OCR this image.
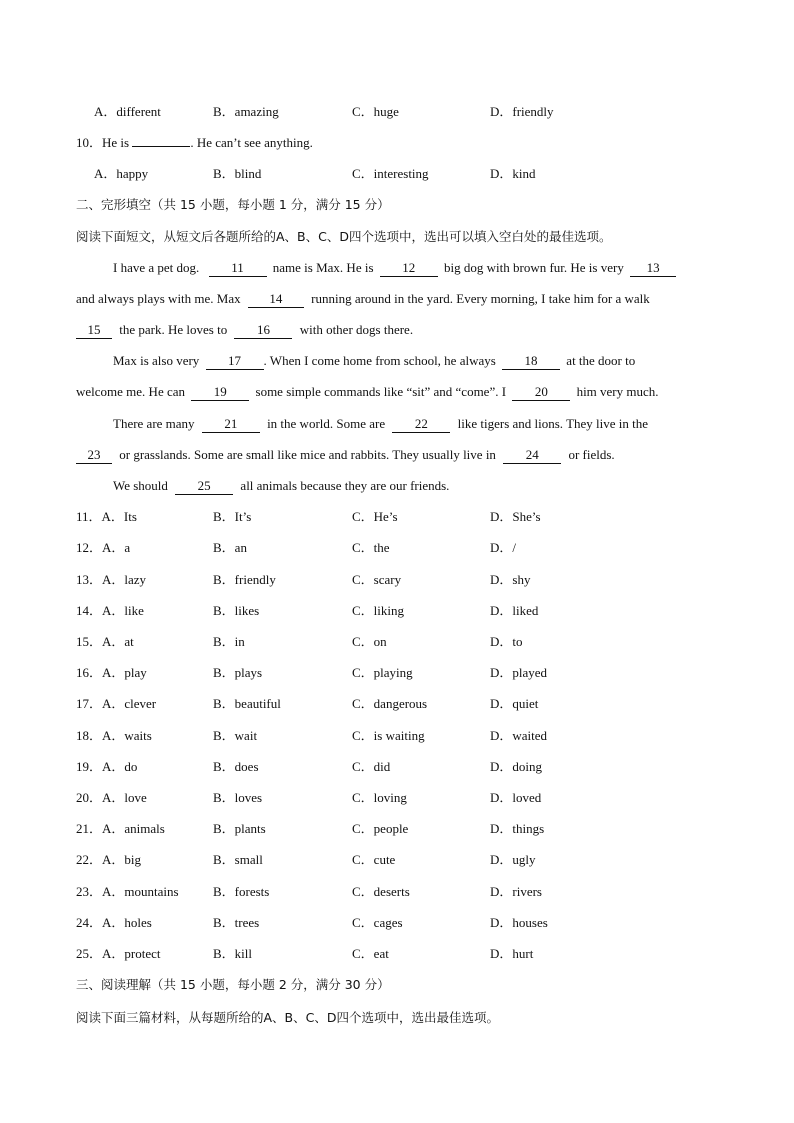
A．different	B．amazing	C．huge	D．friendly
10．He is	. He can’t see anything.
A．happy	B．blind	C．interesting	D．kind
二、完形填空（共 15 小题，每小题 1 分，满分 15 分）
阅读下面短文，从短文后各题所给的A、B、C、D四个选项中，选出可以填入空白处的最佳选项。
I have a pet dog. 11 name is Max. He is 12 big dog with brown fur. He is very 13
and always plays with me. Max 14 running around in the yard. Every morning, I take him for a walk
15 the park. He loves to 16 with other dogs there.
Max is also very 17 . When I come home from school, he always 18 at the door to
welcome me. He can 19 some simple commands like “sit” and “come”. I 20 him very much.
There are many 21 in the world. Some are 22 like tigers and lions. They live in the
23 or grasslands. Some are small like mice and rabbits. They usually live in 24 or fields.
We should 25 all animals because they are our friends.
11．A．Its	B．It’s	C．He’s	D．She’s
12．A．a	B．an	C．the	D．/
13．A．lazy	B．friendly	C．scary	D．shy
14．A．like	B．likes	C．liking	D．liked
15．A．at	B．in	C．on	D．to
16．A．play	B．plays	C．playing	D．played
17．A．clever	B．beautiful	C．dangerous	D．quiet
18．A．waits	B．wait	C．is waiting	D．waited
19．A．do	B．does	C．did	D．doing
20．A．love	B．loves	C．loving	D．loved
21．A．animals	B．plants	C．people	D．things
22．A．big	B．small	C．cute	D．ugly
23．A．mountains	B．forests	C．deserts	D．rivers
24．A．holes	B．trees	C．cages	D．houses
25．A．protect	B．kill	C．eat	D．hurt
三、阅读理解（共 15 小题，每小题 2 分，满分 30 分）
阅读下面三篇材料，从每题所给的A、B、C、D四个选项中，选出最佳选项。
